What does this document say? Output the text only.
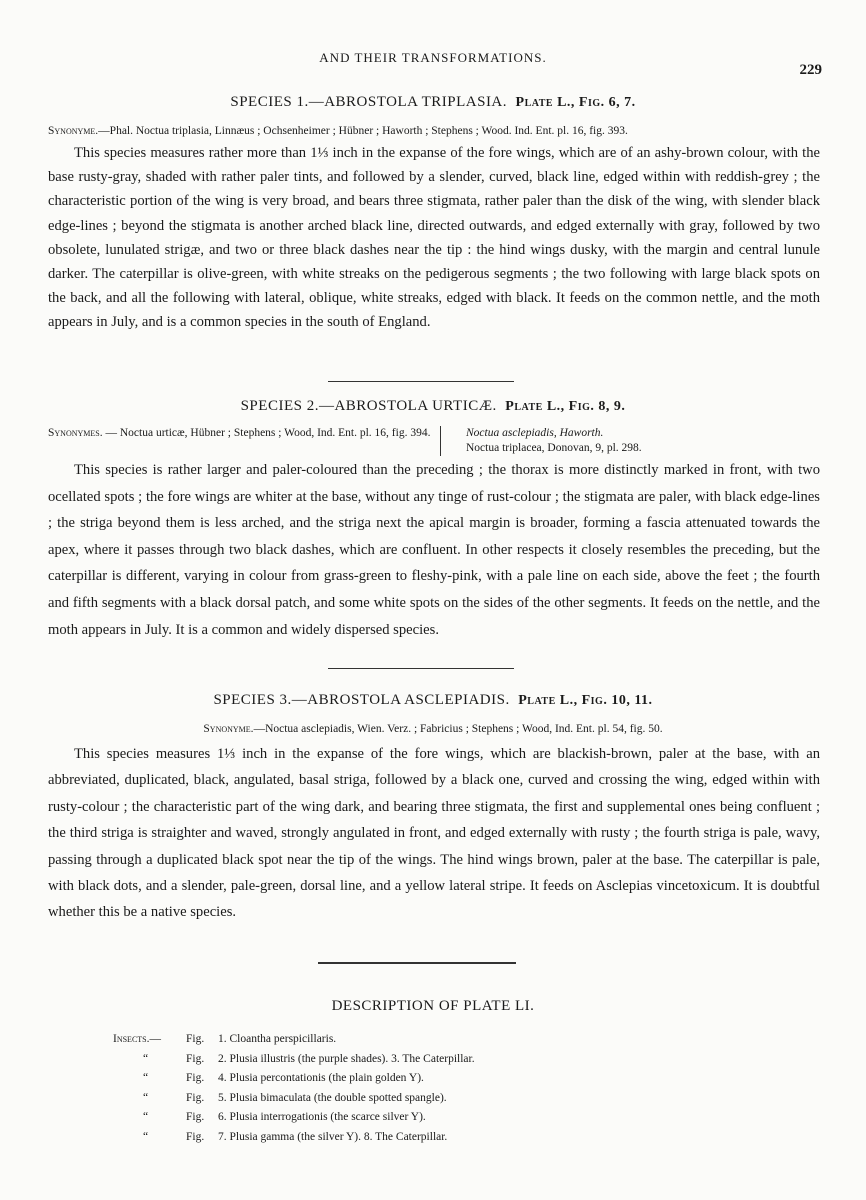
AND THEIR TRANSFORMATIONS.
229
SPECIES 1.—ABROSTOLA TRIPLASIA. Plate L., Fig. 6, 7.
Synonyme.—Phal. Noctua triplasia, Linnæus ; Ochsenheimer ; Hübner ; Haworth ; Stephens ; Wood. Ind. Ent. pl. 16, fig. 393.
This species measures rather more than 1⅓ inch in the expanse of the fore wings, which are of an ashy-brown colour, with the base rusty-gray, shaded with rather paler tints, and followed by a slender, curved, black line, edged within with reddish-grey ; the characteristic portion of the wing is very broad, and bears three stigmata, rather paler than the disk of the wing, with slender black edge-lines ; beyond the stigmata is another arched black line, directed outwards, and edged externally with gray, followed by two obsolete, lunulated strigæ, and two or three black dashes near the tip : the hind wings dusky, with the margin and central lunule darker. The caterpillar is olive-green, with white streaks on the pedigerous segments ; the two following with large black spots on the back, and all the following with lateral, oblique, white streaks, edged with black. It feeds on the common nettle, and the moth appears in July, and is a common species in the south of England.
SPECIES 2.—ABROSTOLA URTICÆ. Plate L., Fig. 8, 9.
Synonymes. — Noctua urticæ, Hübner ; Stephens ; Wood, Ind. Ent. pl. 16, fig. 394.	Noctua asclepiadis, Haworth.
Noctua triplacea, Donovan, 9, pl. 298.
This species is rather larger and paler-coloured than the preceding ; the thorax is more distinctly marked in front, with two ocellated spots ; the fore wings are whiter at the base, without any tinge of rust-colour ; the stigmata are paler, with black edge-lines ; the striga beyond them is less arched, and the striga next the apical margin is broader, forming a fascia attenuated towards the apex, where it passes through two black dashes, which are confluent. In other respects it closely resembles the preceding, but the caterpillar is different, varying in colour from grass-green to fleshy-pink, with a pale line on each side, above the feet ; the fourth and fifth segments with a black dorsal patch, and some white spots on the sides of the other segments. It feeds on the nettle, and the moth appears in July. It is a common and widely dispersed species.
SPECIES 3.—ABROSTOLA ASCLEPIADIS. Plate L., Fig. 10, 11.
Synonyme.—Noctua asclepiadis, Wien. Verz. ; Fabricius ; Stephens ; Wood, Ind. Ent. pl. 54, fig. 50.
This species measures 1⅓ inch in the expanse of the fore wings, which are blackish-brown, paler at the base, with an abbreviated, duplicated, black, angulated, basal striga, followed by a black one, curved and crossing the wing, edged within with rusty-colour ; the characteristic part of the wing dark, and bearing three stigmata, the first and supplemental ones being confluent ; the third striga is straighter and waved, strongly angulated in front, and edged externally with rusty ; the fourth striga is pale, wavy, passing through a duplicated black spot near the tip of the wings. The hind wings brown, paler at the base. The caterpillar is pale, with black dots, and a slender, pale-green, dorsal line, and a yellow lateral stripe. It feeds on Asclepias vincetoxicum. It is doubtful whether this be a native species.
DESCRIPTION OF PLATE LI.
Insects.—	Fig. 1. Cloantha perspicillaris.
“	Fig. 2. Plusia illustris (the purple shades). 3. The Caterpillar.
“	Fig. 4. Plusia percontationis (the plain golden Y).
“	Fig. 5. Plusia bimaculata (the double spotted spangle).
“	Fig. 6. Plusia interrogationis (the scarce silver Y).
“	Fig. 7. Plusia gamma (the silver Y). 8. The Caterpillar.
